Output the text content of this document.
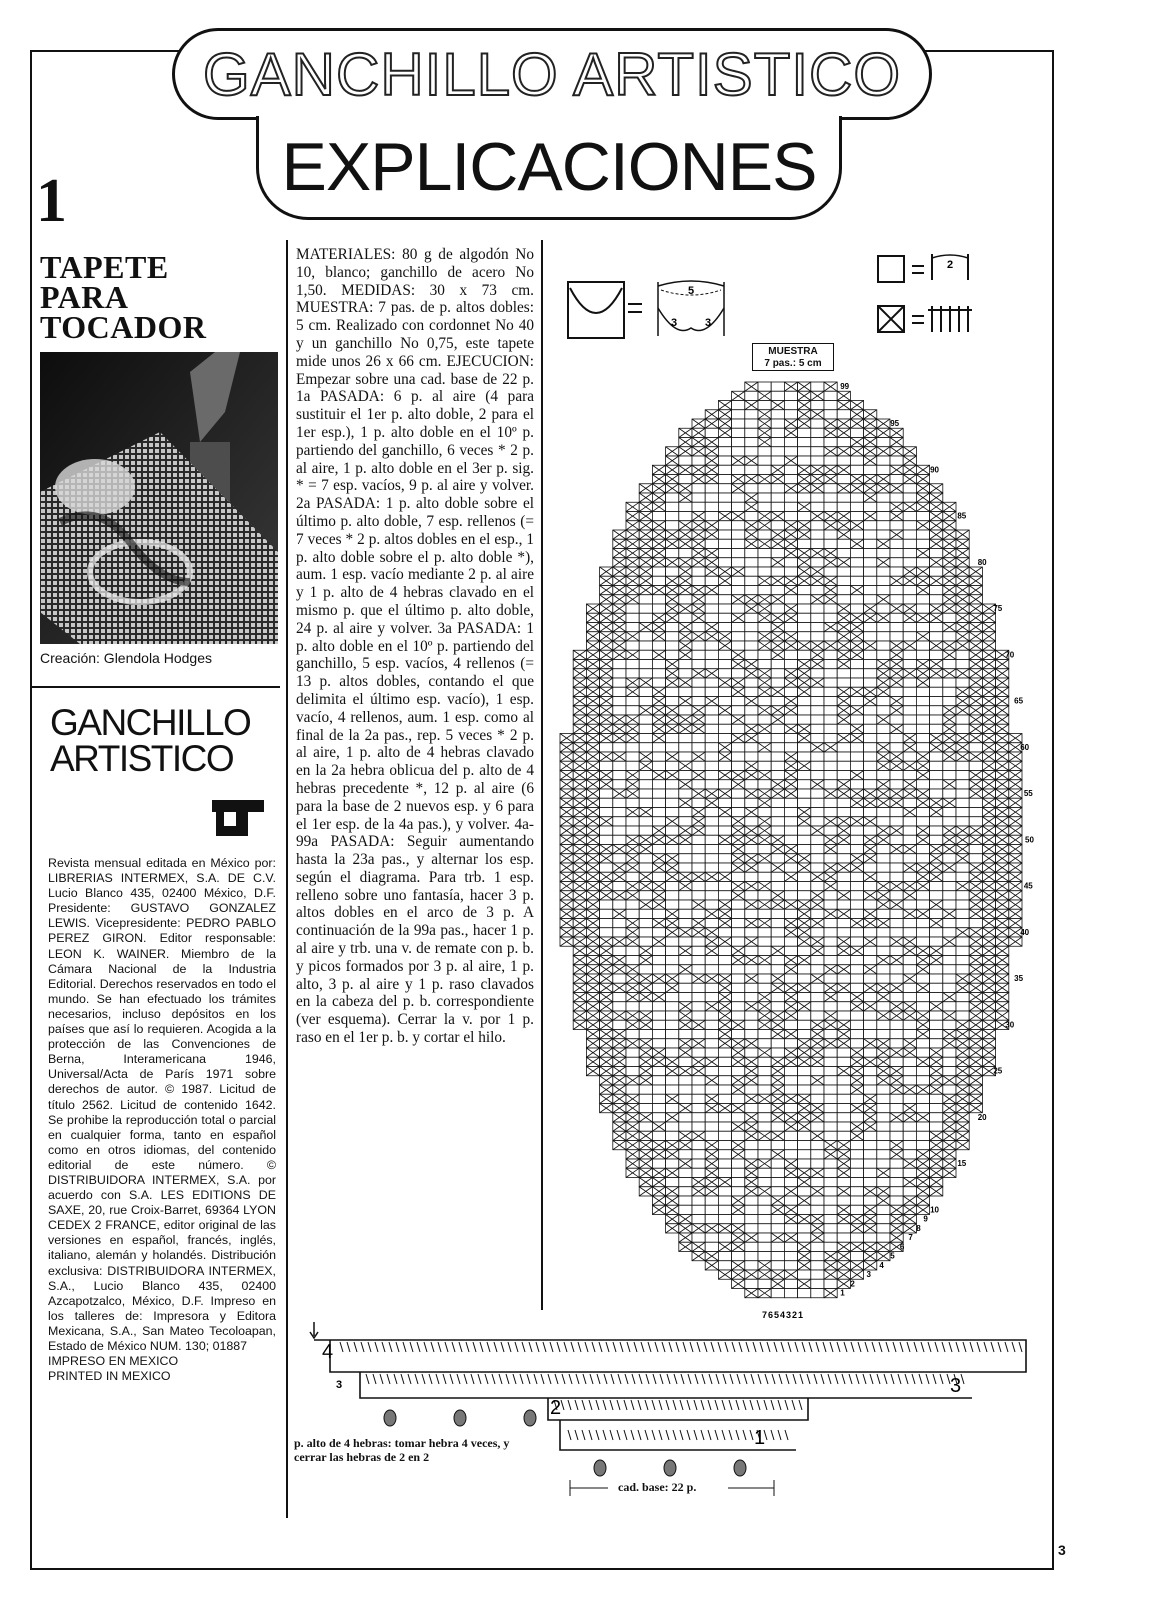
GANCHILLO ARTISTICO
EXPLICACIONES
1
TAPETE
PARA
TOCADOR
Creación: Glendola Hodges
GANCHILLO
ARTISTICO
Revista mensual editada en México por: LIBRERIAS INTERMEX, S.A. DE C.V. Lucio Blanco 435, 02400 México, D.F. Presidente: GUSTAVO GONZALEZ LEWIS. Vicepresidente: PEDRO PABLO PEREZ GIRON. Editor responsable: LEON K. WAINER. Miembro de la Cámara Nacional de la Industria Editorial. Derechos reservados en todo el mundo. Se han efectuado los trámites necesarios, incluso depósitos en los países que así lo requieren. Acogida a la protección de las Convenciones de Berna, Interamericana 1946, Universal/Acta de París 1971 sobre derechos de autor. © 1987. Licitud de título 2562. Licitud de contenido 1642. Se prohibe la reproducción total o parcial en cualquier forma, tanto en español como en otros idiomas, del contenido editorial de este número. © DISTRIBUIDORA INTERMEX, S.A. por acuerdo con S.A. LES EDITIONS DE SAXE, 20, rue Croix-Barret, 69364 LYON CEDEX 2 FRANCE, editor original de las versiones en español, francés, inglés, italiano, alemán y holandés. Distribución exclusiva: DISTRIBUIDORA INTERMEX, S.A., Lucio Blanco 435, 02400 Azcapotzalco, México, D.F. Impreso en los talleres de: Impresora y Editora Mexicana, S.A., San Mateo Tecoloapan, Estado de México NUM. 130; 01887
IMPRESO EN MEXICO
PRINTED IN MEXICO

MATERIALES: 80 g de algodón No 10, blanco; ganchillo de acero No 1,50. MEDIDAS: 30 x 73 cm. MUESTRA: 7 pas. de p. altos dobles: 5 cm. Realizado con cordonnet No 40 y un ganchillo No 0,75, este tapete mide unos 26 x 66 cm. EJECUCION: Empezar sobre una cad. base de 22 p. 1a PASADA: 6 p. al aire (4 para sustituir el 1er p. alto doble, 2 para el 1er esp.), 1 p. alto doble en el 10º p. partiendo del ganchillo, 6 veces * 2 p. al aire, 1 p. alto doble en el 3er p. sig. * = 7 esp. vacíos, 9 p. al aire y volver. 2a PASADA: 1 p. alto doble sobre el último p. alto doble, 7 esp. rellenos (= 7 veces * 2 p. altos dobles en el esp., 1 p. alto doble sobre el p. alto doble *), aum. 1 esp. vacío mediante 2 p. al aire y 1 p. alto de 4 hebras clavado en el mismo p. que el último p. alto doble, 24 p. al aire y volver. 3a PASADA: 1 p. alto doble en el 10º p. partiendo del ganchillo, 5 esp. vacíos, 4 rellenos (= 13 p. altos dobles, contando el que delimita el último esp. vacío), 1 esp. vacío, 4 rellenos, aum. 1 esp. como al final de la 2a pas., rep. 5 veces * 2 p. al aire, 1 p. alto de 4 hebras clavado en la 2a hebra oblicua del p. alto de 4 hebras precedente *, 12 p. al aire (6 para la base de 2 nuevos esp. y 6 para el 1er esp. de la 4a pas.), y volver. 4a- 99a PASADA: Seguir aumentando hasta la 23a pas., y alternar los esp. según el diagrama. Para trb. 1 esp. relleno sobre uno fantasía, hacer 3 p. altos dobles en el arco de 3 p. A continuación de la 99a pas., hacer 1 p. al aire y trb. una v. de remate con p. b. y picos formados por 3 p. al aire, 1 p. alto, 3 p. al aire y 1 p. raso clavados en la cabeza del p. b. correspondiente (ver esquema). Cerrar la v. por 1 p. raso en el 1er p. b. y cortar el hilo.

5
3	3
2
MUESTRA
7 pas.: 5 cm
99
95
90
85
80
75
70
65
60
55
50
45
40
35
30
25
20
15
10
9
8
7
6
5
4
3
2
1
7654321
4
3
2
1
3
p. alto de 4 hebras: tomar hebra 4 veces, y cerrar las hebras de 2 en 2
cad. base: 22 p.
3
